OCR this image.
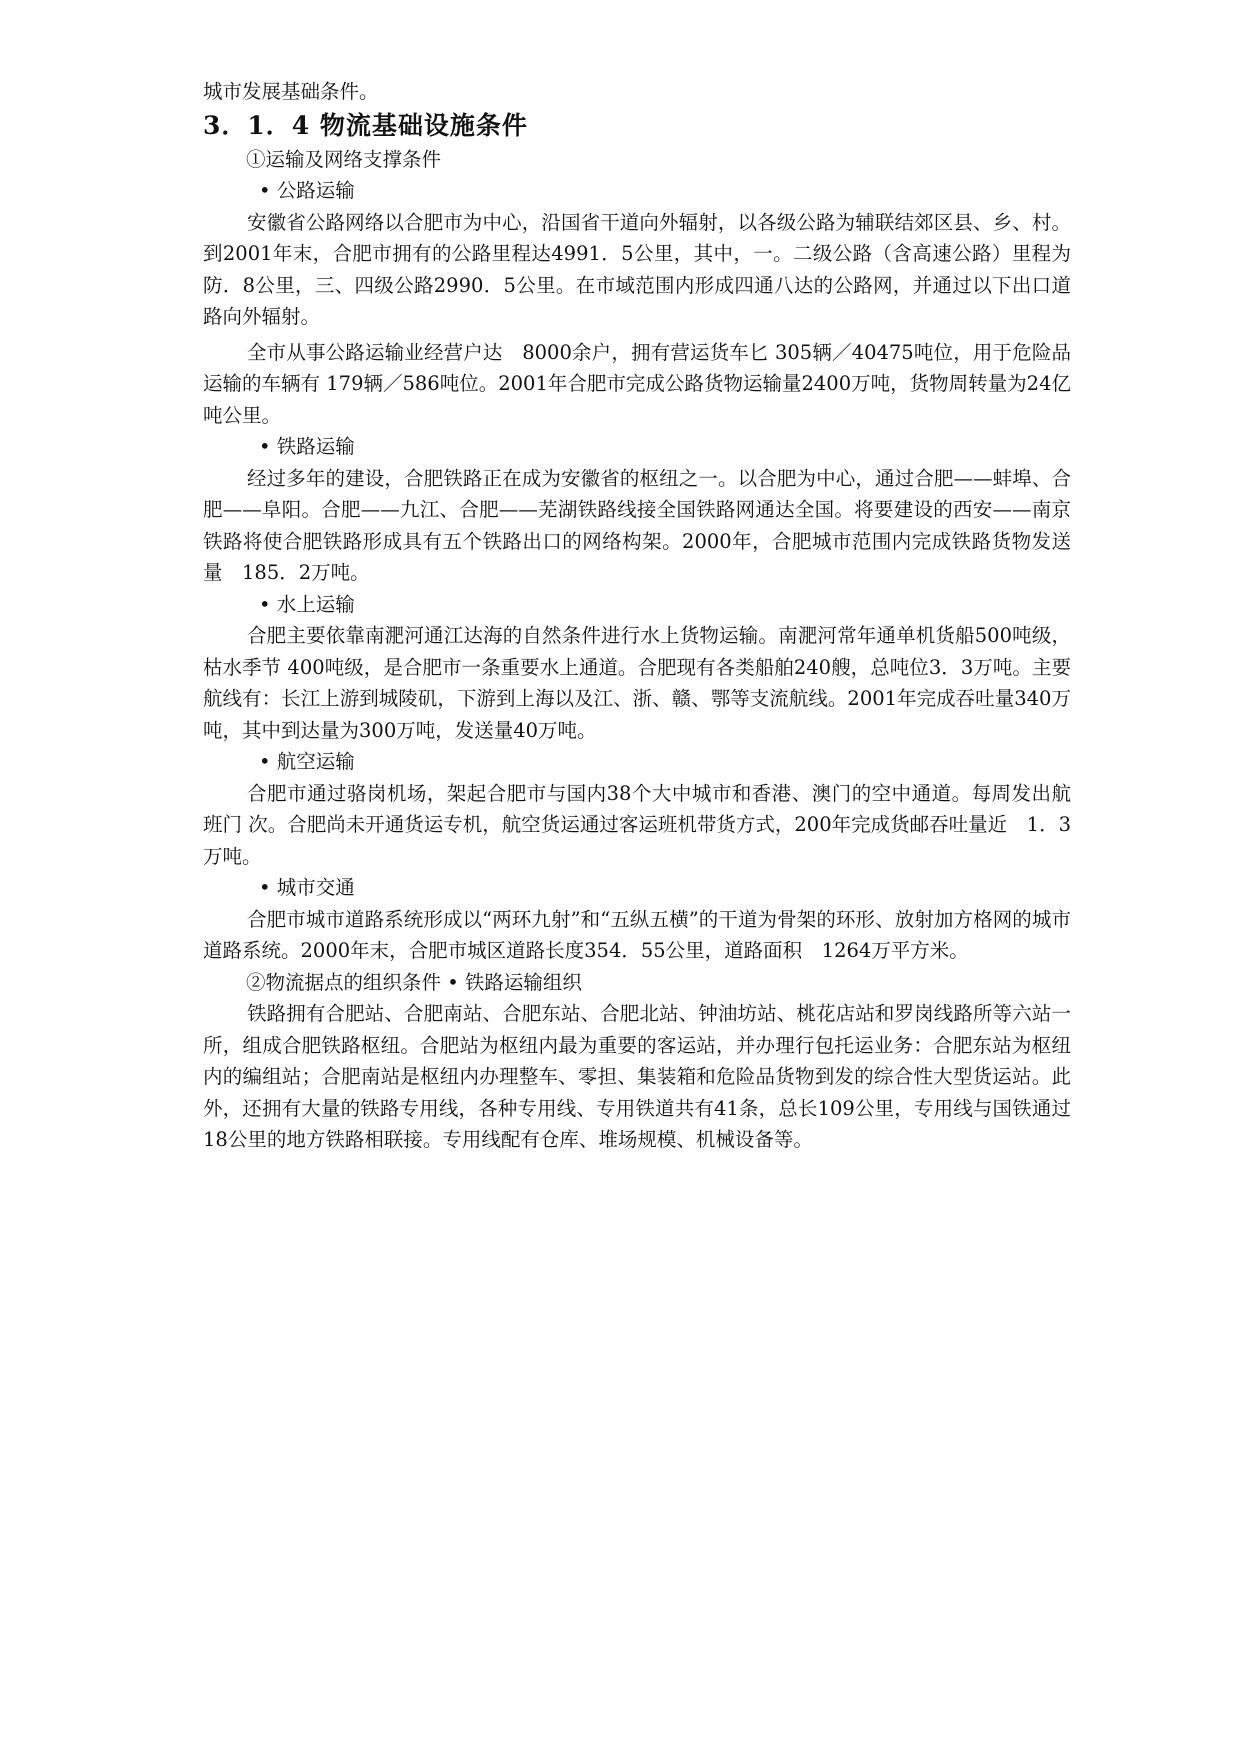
城市发展基础条件。

3．1．4 物流基础设施条件

①运输及网络支撑条件

• 公路运输

安徽省公路网络以合肥市为中心，沿国省干道向外辐射，以各级公路为辅联结郊区县、乡、村。到2001年末，合肥市拥有的公路里程达4991．5公里，其中，一。二级公路（含高速公路）里程为防．8公里，三、四级公路2990．5公里。在市域范围内形成四通八达的公路网，并通过以下出口道路向外辐射。

全市从事公路运输业经营户达　8000余户，拥有营运货车匕 305辆／40475吨位，用于危险品运输的车辆有 179辆／586吨位。2001年合肥市完成公路货物运输量2400万吨，货物周转量为24亿吨公里。

• 铁路运输

经过多年的建设，合肥铁路正在成为安徽省的枢纽之一。以合肥为中心，通过合肥——蚌埠、合肥——阜阳。合肥——九江、合肥——芜湖铁路线接全国铁路网通达全国。将要建设的西安——南京铁路将使合肥铁路形成具有五个铁路出口的网络构架。2000年，合肥城市范围内完成铁路货物发送量　185．2万吨。

• 水上运输

合肥主要依靠南淝河通江达海的自然条件进行水上货物运输。南淝河常年通单机货船500吨级，枯水季节 400吨级，是合肥市一条重要水上通道。合肥现有各类船舶240艘，总吨位3．3万吨。主要航线有：长江上游到城陵矶，下游到上海以及江、浙、赣、鄂等支流航线。2001年完成吞吐量340万吨，其中到达量为300万吨，发送量40万吨。

• 航空运输

合肥市通过骆岗机场，架起合肥市与国内38个大中城市和香港、澳门的空中通道。每周发出航班门 次。合肥尚未开通货运专机，航空货运通过客运班机带货方式，200年完成货邮吞吐量近　1．3万吨。

• 城市交通

合肥市城市道路系统形成以“两环九射”和“五纵五横”的干道为骨架的环形、放射加方格网的城市道路系统。2000年末，合肥市城区道路长度354．55公里，道路面积　1264万平方米。

②物流据点的组织条件 • 铁路运输组织

铁路拥有合肥站、合肥南站、合肥东站、合肥北站、钟油坊站、桃花店站和罗岗线路所等六站一所，组成合肥铁路枢纽。合肥站为枢纽内最为重要的客运站，并办理行包托运业务：合肥东站为枢纽内的编组站；合肥南站是枢纽内办理整车、零担、集装箱和危险品货物到发的综合性大型货运站。此外，还拥有大量的铁路专用线，各种专用线、专用铁道共有41条，总长109公里，专用线与国铁通过18公里的地方铁路相联接。专用线配有仓库、堆场规模、机械设备等。
